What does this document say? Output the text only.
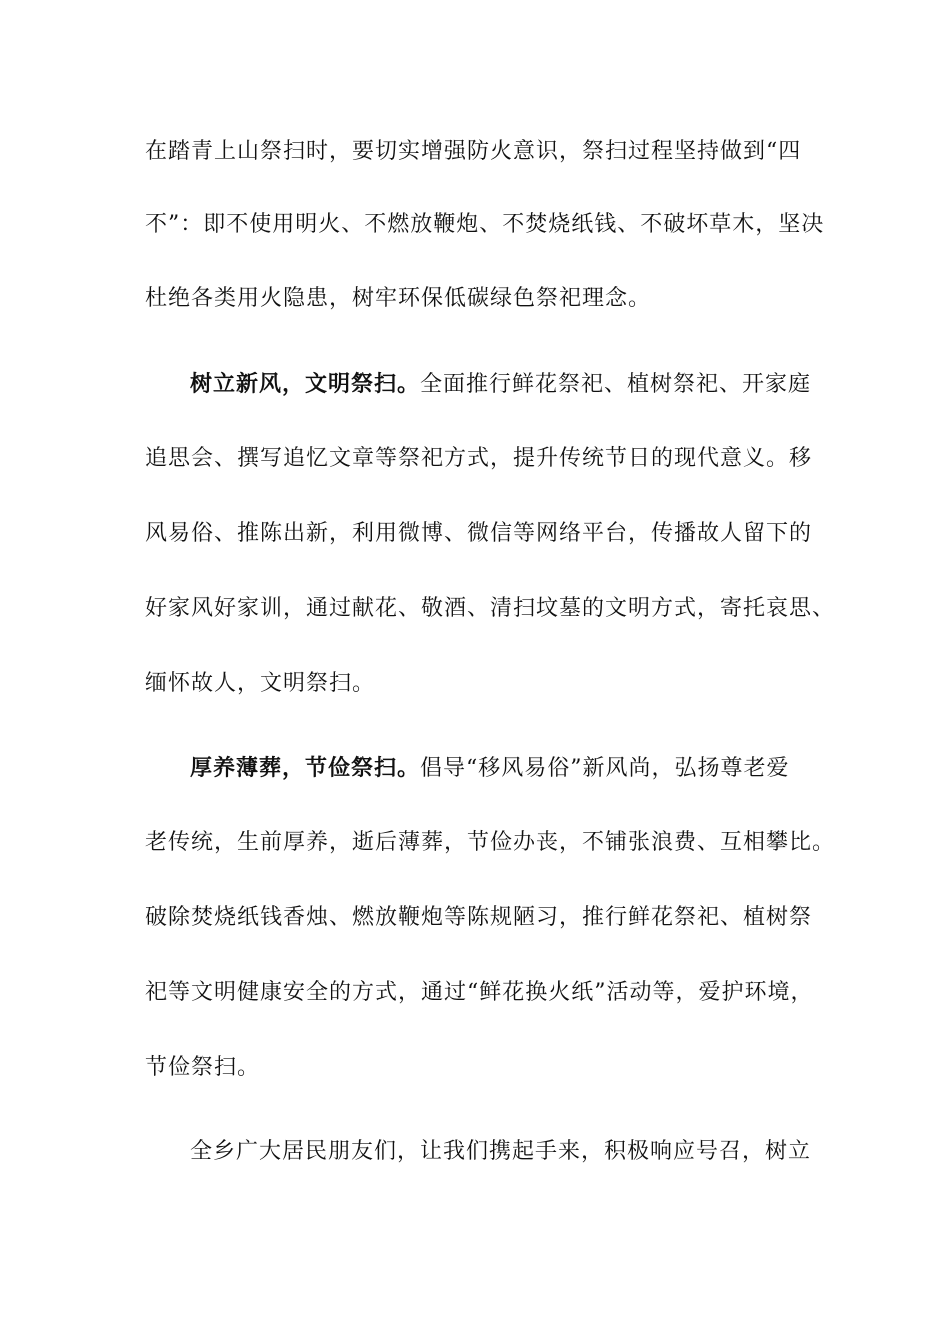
在踏青上山祭扫时，要切实增强防火意识，祭扫过程坚持做到“四
不”：即不使用明火、不燃放鞭炮、不焚烧纸钱、不破坏草木，坚决
杜绝各类用火隐患，树牢环保低碳绿色祭祀理念。
树立新风，文明祭扫。全面推行鲜花祭祀、植树祭祀、开家庭
追思会、撰写追忆文章等祭祀方式，提升传统节日的现代意义。移
风易俗、推陈出新，利用微博、微信等网络平台，传播故人留下的
好家风好家训，通过献花、敬酒、清扫坟墓的文明方式，寄托哀思、
缅怀故人，文明祭扫。
厚养薄葬，节俭祭扫。倡导“移风易俗”新风尚，弘扬尊老爱
老传统，生前厚养，逝后薄葬，节俭办丧，不铺张浪费、互相攀比。
破除焚烧纸钱香烛、燃放鞭炮等陈规陋习，推行鲜花祭祀、植树祭
祀等文明健康安全的方式，通过“鲜花换火纸”活动等，爱护环境，
节俭祭扫。
全乡广大居民朋友们，让我们携起手来，积极响应号召，树立
